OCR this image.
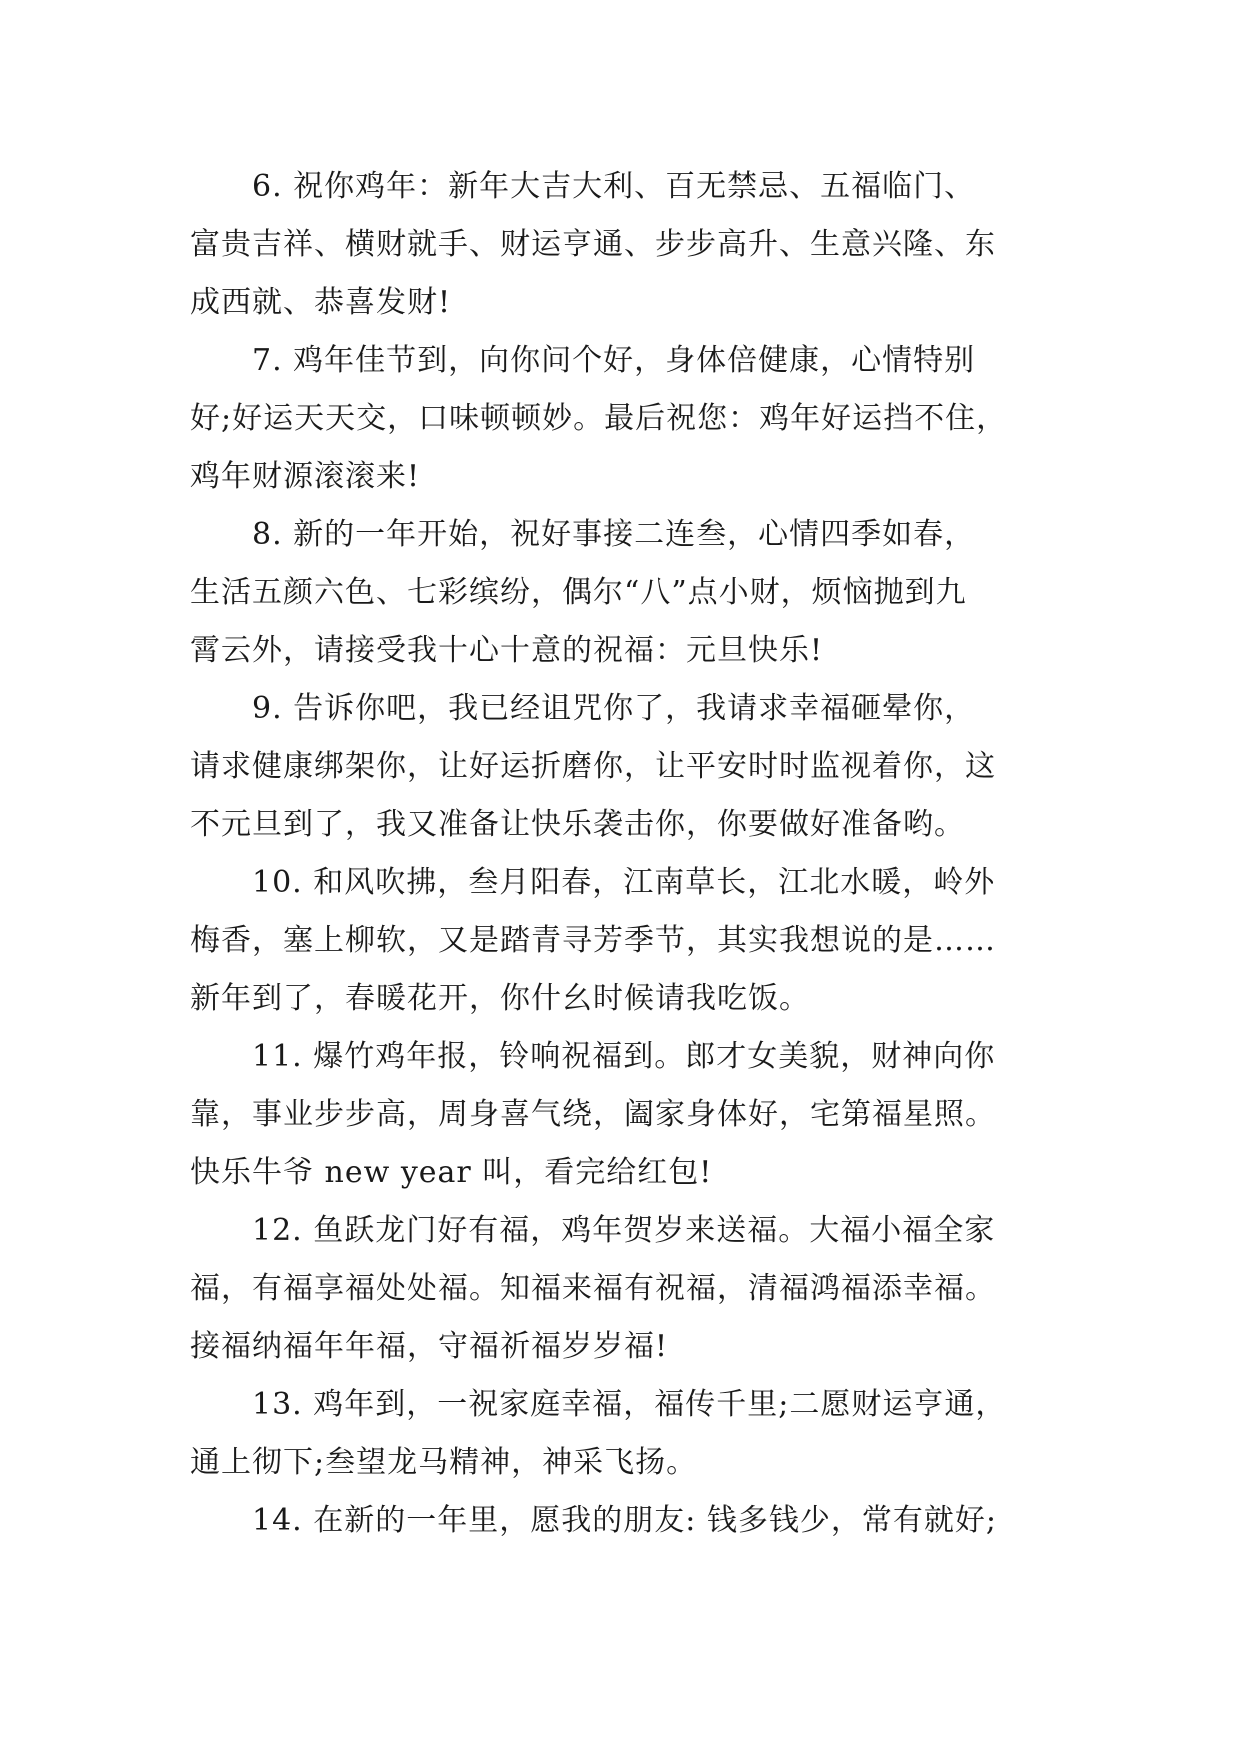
6. 祝你鸡年：新年大吉大利、百无禁忌、五福临门、
富贵吉祥、横财就手、财运亨通、步步高升、生意兴隆、东
成西就、恭喜发财!
7. 鸡年佳节到，向你问个好，身体倍健康，心情特别
好;好运天天交，口味顿顿妙。最后祝您：鸡年好运挡不住，
鸡年财源滚滚来!
8. 新的一年开始，祝好事接二连叁，心情四季如春，
生活五颜六色、七彩缤纷，偶尔“八”点小财，烦恼抛到九
霄云外，请接受我十心十意的祝福：元旦快乐!
9. 告诉你吧，我已经诅咒你了，我请求幸福砸晕你，
请求健康绑架你，让好运折磨你，让平安时时监视着你，这
不元旦到了，我又准备让快乐袭击你，你要做好准备哟。
10. 和风吹拂，叁月阳春，江南草长，江北水暖，岭外
梅香，塞上柳软，又是踏青寻芳季节，其实我想说的是……
新年到了，春暖花开，你什幺时候请我吃饭。
11. 爆竹鸡年报，铃响祝福到。郎才女美貌，财神向你
靠，事业步步高，周身喜气绕，阖家身体好，宅第福星照。
快乐牛爷 new year 叫，看完给红包!
12. 鱼跃龙门好有福，鸡年贺岁来送福。大福小福全家
福，有福享福处处福。知福来福有祝福，清福鸿福添幸福。
接福纳福年年福，守福祈福岁岁福!
13. 鸡年到，一祝家庭幸福，福传千里;二愿财运亨通，
通上彻下;叁望龙马精神，神采飞扬。
14. 在新的一年里，愿我的朋友: 钱多钱少，常有就好;
